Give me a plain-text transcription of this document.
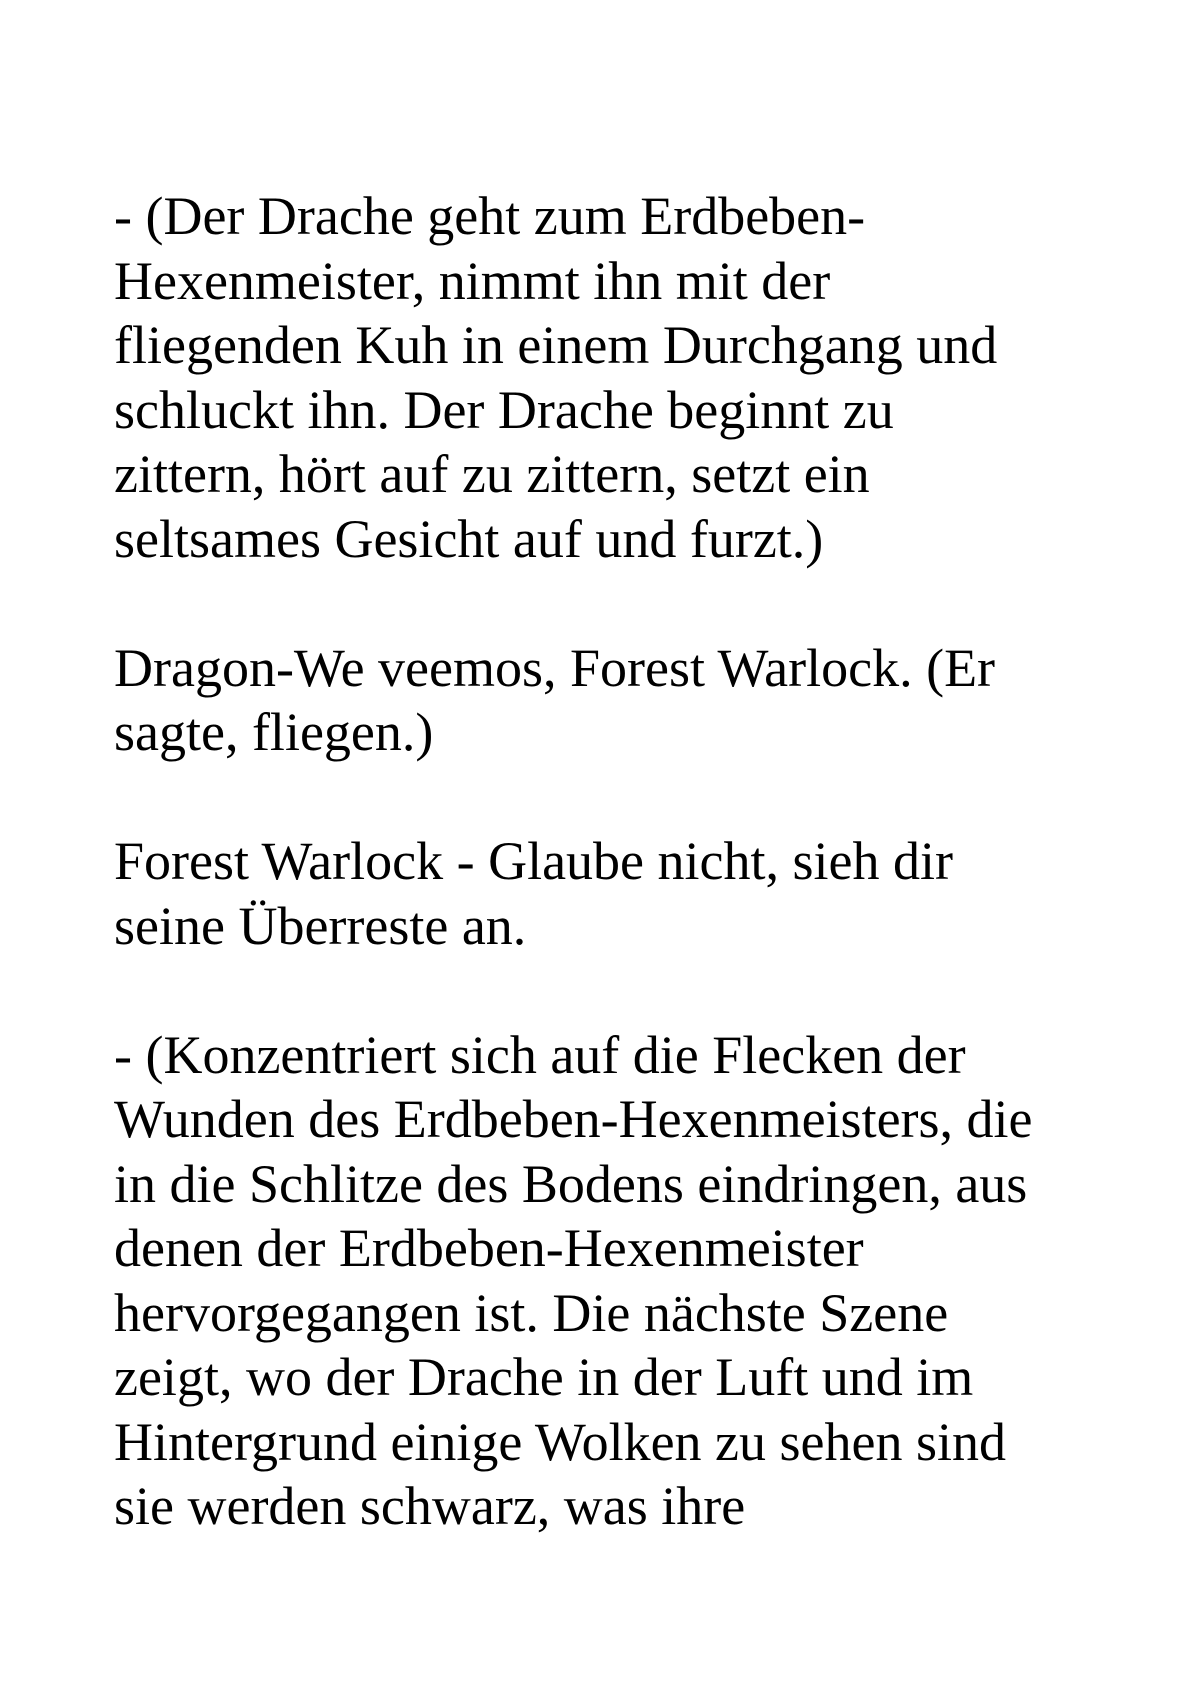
- (Der Drache geht zum Erdbeben-
Hexenmeister, nimmt ihn mit der
fliegenden Kuh in einem Durchgang und
schluckt ihn. Der Drache beginnt zu
zittern, hört auf zu zittern, setzt ein
seltsames Gesicht auf und furzt.)

Dragon-We veemos, Forest Warlock. (Er
sagte, fliegen.)

Forest Warlock - Glaube nicht, sieh dir
seine Überreste an.

- (Konzentriert sich auf die Flecken der
Wunden des Erdbeben-Hexenmeisters, die
in die Schlitze des Bodens eindringen, aus
denen der Erdbeben-Hexenmeister
hervorgegangen ist. Die nächste Szene
zeigt, wo der Drache in der Luft und im
Hintergrund einige Wolken zu sehen sind
sie werden schwarz, was ihre
